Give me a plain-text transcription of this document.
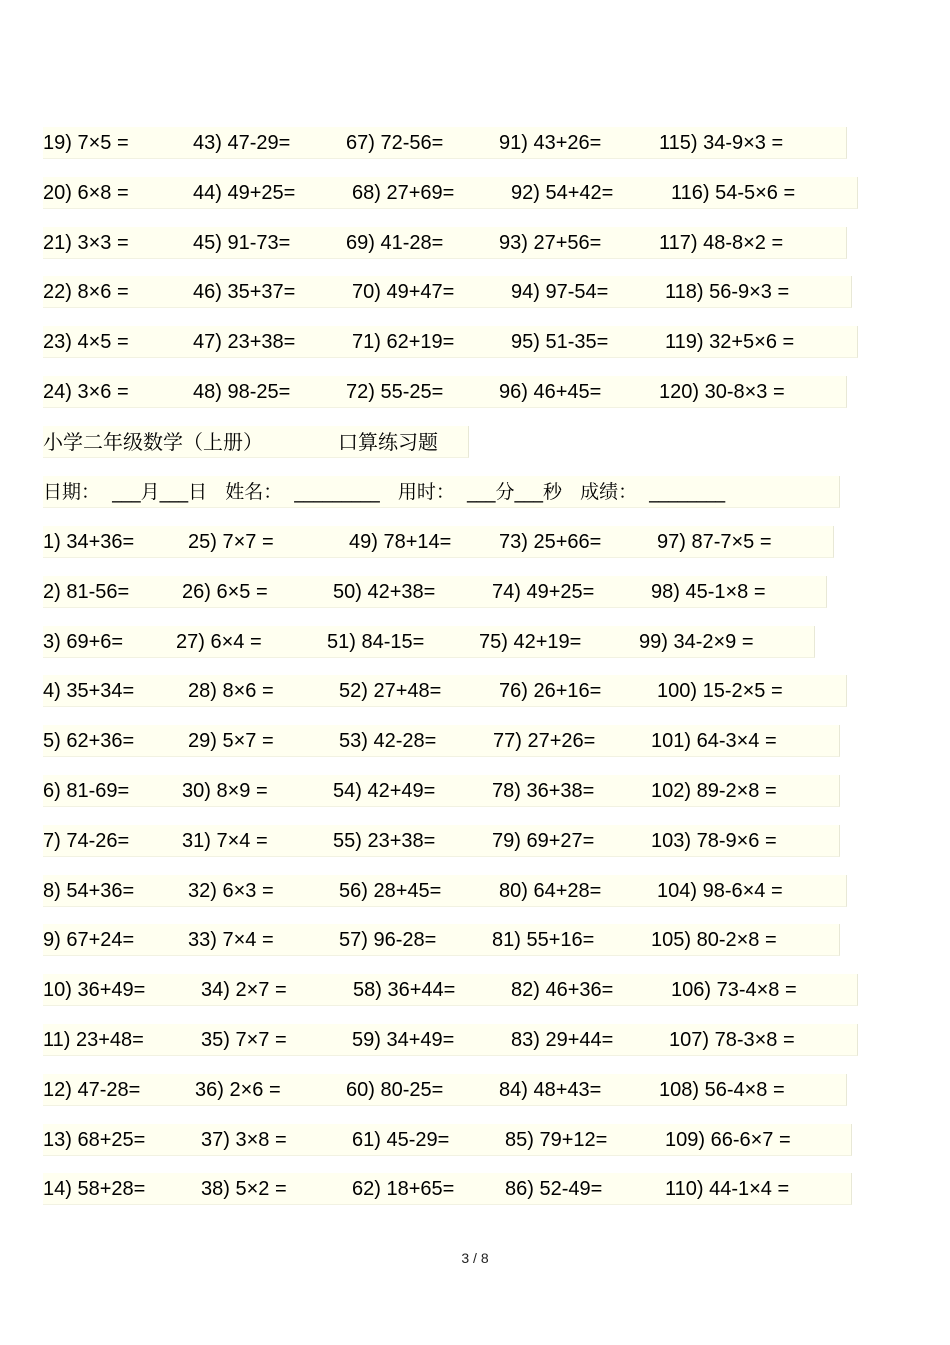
19) 7×5 =	43) 47-29=	67) 72-56=	91) 43+26=	115) 34-9×3 =
20) 6×8 =	44) 49+25=	68) 27+69=	92) 54+42=	116) 54-5×6 =
21) 3×3 =	45) 91-73=	69) 41-28=	93) 27+56=	117) 48-8×2 =
22) 8×6 =	46) 35+37=	70) 49+47=	94) 97-54=	118) 56-9×3 =
23) 4×5 =	47) 23+38=	71) 62+19=	95) 51-35=	119) 32+5×6 =
24) 3×6 =	48) 98-25=	72) 55-25=	96) 46+45=	120) 30-8×3 =
小学二年级数学（上册）	口算练习题
日期：  ___月___日   姓名：  _________   用时：  ___分___秒   成绩：  ________
1) 34+36=	25) 7×7 =	49) 78+14= 73) 25+66=	97) 87-7×5 =
2) 81-56=	26) 6×5 =	50) 42+38=	74) 49+25=	98) 45-1×8 =
3) 69+6=	27) 6×4 =	51) 84-15=	75) 42+19=	99) 34-2×9 =
4) 35+34=	28) 8×6 =	52) 27+48=	76) 26+16=	100) 15-2×5 =
5) 62+36=	29) 5×7 =	53) 42-28=	77) 27+26=	101) 64-3×4 =
6) 81-69=	30) 8×9 =	54) 42+49=	78) 36+38=	102) 89-2×8 =
7) 74-26=	31) 7×4 =	55) 23+38=	79) 69+27=	103) 78-9×6 =
8) 54+36=	32) 6×3 =	56) 28+45=	80) 64+28=	104) 98-6×4 =
9) 67+24=	33) 7×4 =	57) 96-28=	81) 55+16=	105) 80-2×8 =
10) 36+49=	34) 2×7 =	58) 36+44=	82) 46+36=	106) 73-4×8 =
11) 23+48=	35) 7×7 =	59) 34+49=	83) 29+44=	107) 78-3×8 =
12) 47-28=	36) 2×6 =	60) 80-25=	84) 48+43=	108) 56-4×8 =
13) 68+25=	37) 3×8 =	61) 45-29=	85) 79+12=	109) 66-6×7 =
14) 58+28=	38) 5×2 =	62) 18+65=	86) 52-49=	110) 44-1×4 =
3 / 8
